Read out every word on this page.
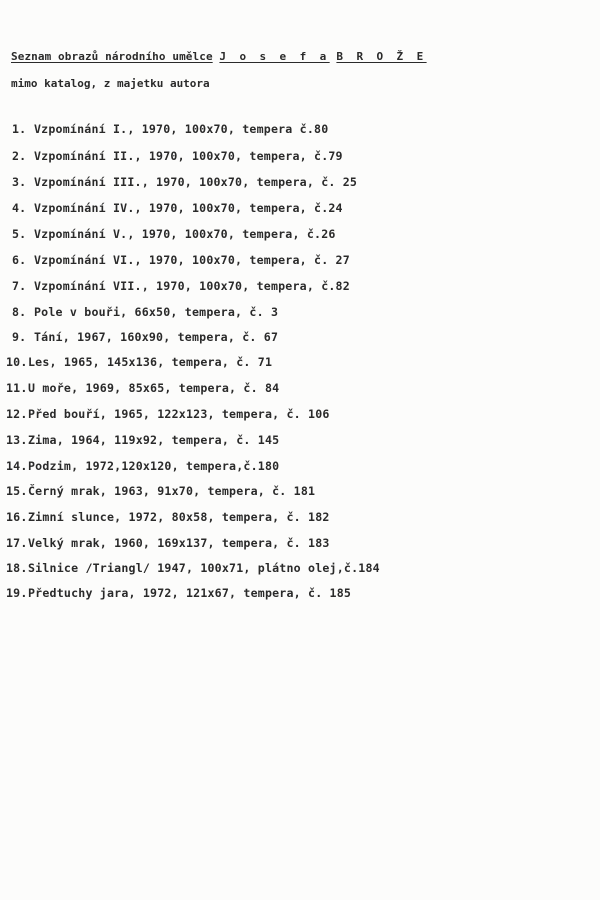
Seznam obrazů národního umělce J o s e f a B R O Ž E
mimo katalog, z majetku autora
1. Vzpomínání I., 1970, 100x70, tempera č.80
2. Vzpomínání II., 1970, 100x70, tempera, č.79
3. Vzpomínání III., 1970, 100x70, tempera, č. 25
4. Vzpomínání IV., 1970, 100x70, tempera, č.24
5. Vzpomínání V., 1970, 100x70, tempera, č.26
6. Vzpomínání VI., 1970, 100x70, tempera, č. 27
7. Vzpomínání VII., 1970, 100x70, tempera, č.82
8. Pole v bouři, 66x50, tempera, č. 3
9. Tání, 1967, 160x90, tempera, č. 67
10.Les, 1965, 145x136, tempera, č. 71
11.U moře, 1969, 85x65, tempera, č. 84
12.Před bouří, 1965, 122x123, tempera, č. 106
13.Zima, 1964, 119x92, tempera, č. 145
14.Podzim, 1972,120x120, tempera,č.180
15.Černý mrak, 1963, 91x70, tempera, č. 181
16.Zimní slunce, 1972, 80x58, tempera, č. 182
17.Velký mrak, 1960, 169x137, tempera, č. 183
18.Silnice /Triangl/ 1947, 100x71, plátno olej,č.184
19.Předtuchy jara, 1972, 121x67, tempera, č. 185
